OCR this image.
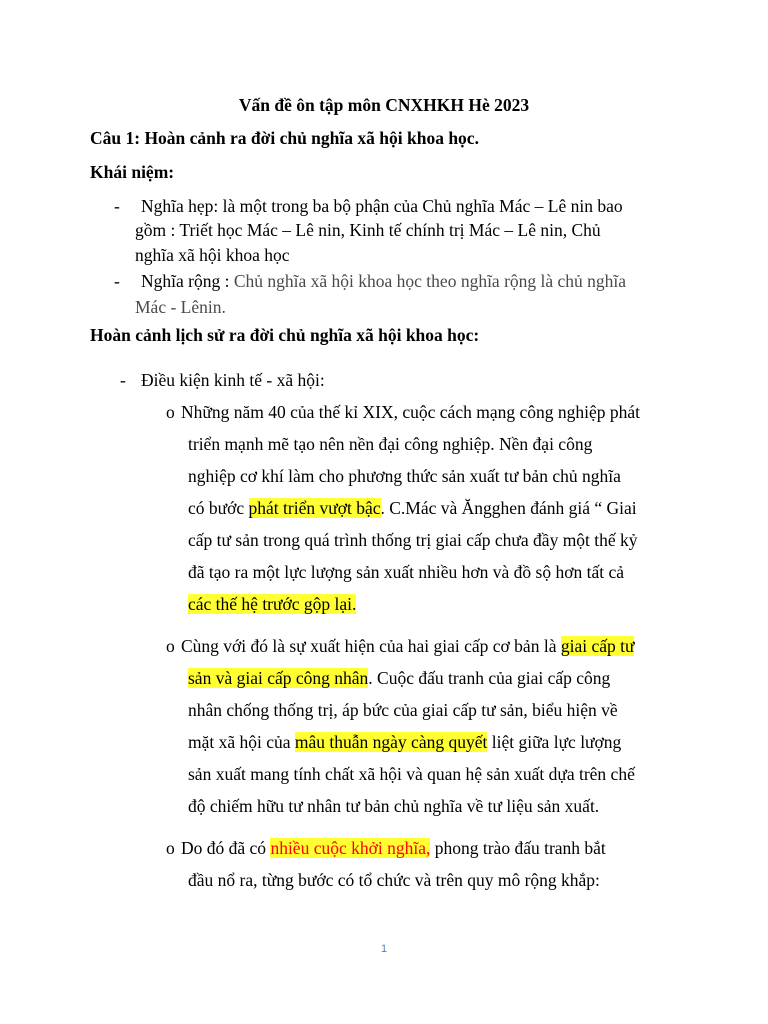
Vấn đề ôn tập môn CNXHKH Hè 2023
Câu 1: Hoàn cảnh ra đời chủ nghĩa xã hội khoa học.
Khái niệm:
- Nghĩa hẹp: là một trong ba bộ phận của Chủ nghĩa Mác – Lê nin bao
gồm : Triết học Mác – Lê nin, Kinh tế chính trị Mác – Lê nin, Chủ
nghĩa xã hội khoa học
- Nghĩa rộng : Chủ nghĩa xã hội khoa học theo nghĩa rộng là chủ nghĩa
Mác - Lênin.
Hoàn cảnh lịch sử ra đời chủ nghĩa xã hội khoa học:
- Điều kiện kinh tế - xã hội:
o Những năm 40 của thế kỉ XIX, cuộc cách mạng công nghiệp phát
triển mạnh mẽ tạo nên nền đại công nghiệp. Nền đại công
nghiệp cơ khí làm cho phương thức sản xuất tư bản chủ nghĩa
có bước phát triển vượt bậc. C.Mác và Ăngghen đánh giá “ Giai
cấp tư sản trong quá trình thống trị giai cấp chưa đầy một thế kỷ
đã tạo ra một lực lượng sản xuất nhiều hơn và đồ sộ hơn tất cả
các thế hệ trước gộp lại.
o Cùng với đó là sự xuất hiện của hai giai cấp cơ bản là giai cấp tư
sản và giai cấp công nhân. Cuộc đấu tranh của giai cấp công
nhân chống thống trị, áp bức của giai cấp tư sản, biểu hiện về
mặt xã hội của mâu thuẫn ngày càng quyết liệt giữa lực lượng
sản xuất mang tính chất xã hội và quan hệ sản xuất dựa trên chế
độ chiếm hữu tư nhân tư bản chủ nghĩa về tư liệu sản xuất.
o Do đó đã có nhiều cuộc khởi nghĩa, phong trào đấu tranh bắt
đầu nổ ra, từng bước có tổ chức và trên quy mô rộng khắp:
1
